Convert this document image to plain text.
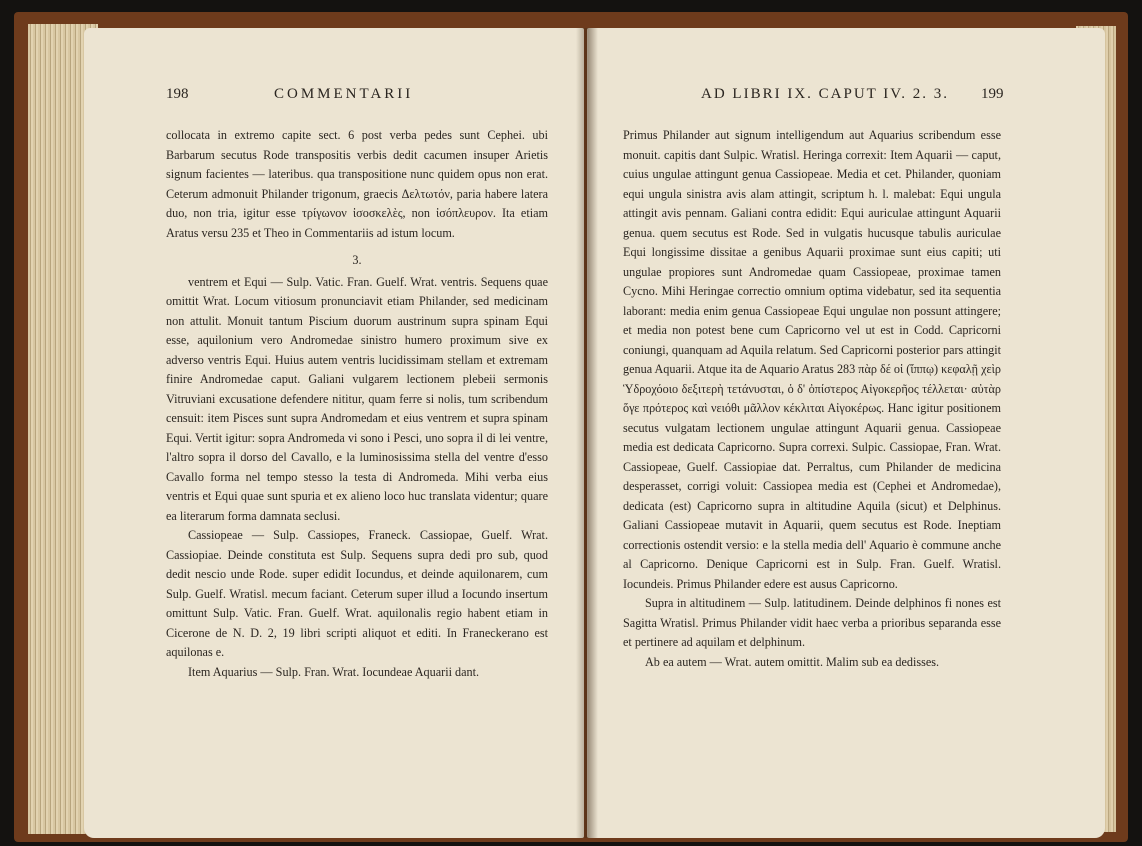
198	COMMENTARII

collocata in extremo capite sect. 6 post verba pedes sunt Cephei. ubi Barbarum secutus Rode transpositis verbis dedit cacumen insuper Arietis signum facientes — lateribus. qua transpositione nunc quidem opus non erat. Ceterum admonuit Philander trigonum, graecis Δελτωτόν, paria habere latera duo, non tria, igitur esse τρίγωνον ἰσοσκελὲς, non ἰσόπλευρον. Ita etiam Aratus versu 235 et Theo in Commentariis ad istum locum.

3.

ventrem et Equi — Sulp. Vatic. Fran. Guelf. Wrat. ventris. Sequens quae omittit Wrat. Locum vitiosum pronunciavit etiam Philander, sed medicinam non attulit. Monuit tantum Piscium duorum austrinum supra spinam Equi esse, aquilonium vero Andromedae sinistro humero proximum sive ex adverso ventris Equi. Huius autem ventris lucidissimam stellam et extremam finire Andromedae caput. Galiani vulgarem lectionem plebeii sermonis Vitruviani excusatione defendere nititur, quam ferre si nolis, tum scribendum censuit: item Pisces sunt supra Andromedam et eius ventrem et supra spinam Equi. Vertit igitur: sopra Andromeda vi sono i Pesci, uno sopra il di lei ventre, l'altro sopra il dorso del Cavallo, e la luminosissima stella del ventre d'esso Cavallo forma nel tempo stesso la testa di Andromeda. Mihi verba eius ventris et Equi quae sunt spuria et ex alieno loco huc translata videntur; quare ea literarum forma damnata seclusi.

Cassiopeae — Sulp. Cassiopes, Franeck. Cassiopae, Guelf. Wrat. Cassiopiae. Deinde constituta est Sulp. Sequens supra dedi pro sub, quod dedit nescio unde Rode. super edidit Iocundus, et deinde aquilonarem, cum Sulp. Guelf. Wratisl. mecum faciant. Ceterum super illud a Iocundo insertum omittunt Sulp. Vatic. Fran. Guelf. Wrat. aquilonalis regio habent etiam in Cicerone de N. D. 2, 19 libri scripti aliquot et editi. In Franeckerano est aquilonas e.

Item Aquarius — Sulp. Fran. Wrat. Iocundeae Aquarii dant.

AD LIBRI IX. CAPUT IV. 2. 3. 199

Primus Philander aut signum intelligendum aut Aquarius scribendum esse monuit. capitis dant Sulpic. Wratisl. Heringa correxit: Item Aquarii — caput, cuius ungulae attingunt genua Cassiopeae. Media et cet. Philander, quoniam equi ungula sinistra avis alam attingit, scriptum h. l. malebat: Equi ungula attingit avis pennam. Galiani contra edidit: Equi auriculae attingunt Aquarii genua. quem secutus est Rode. Sed in vulgatis hucusque tabulis auriculae Equi longissime dissitae a genibus Aquarii proximae sunt eius capiti; uti ungulae propiores sunt Andromedae quam Cassiopeae, proximae tamen Cycno. Mihi Heringae correctio omnium optima videbatur, sed ita sequentia laborant: media enim genua Cassiopeae Equi ungulae non possunt attingere; et media non potest bene cum Capricorno vel ut est in Codd. Capricorni coniungi, quanquam ad Aquila relatum. Sed Capricorni posterior pars attingit genua Aquarii. Atque ita de Aquario Aratus 283 πὰρ δέ οἱ (ἵππῳ) κεφαλῇ χεὶρ Ὑδροχόοιο δεξιτερὴ τετάνυσται, ὁ δ' ὀπίστερος Αἰγοκερῆος τέλλεται· αὐτὰρ ὅγε πρότερος καὶ νειόθι μᾶλλον κέκλιται Αἰγοκέρως. Hanc igitur positionem secutus vulgatam lectionem ungulae attingunt Aquarii genua. Cassiopeae media est dedicata Capricorno. Supra correxi. Sulpic. Cassiopae, Fran. Wrat. Cassiopeae, Guelf. Cassiopiae dat. Perraltus, cum Philander de medicina desperasset, corrigi voluit: Cassiopea media est (Cephei et Andromedae), dedicata (est) Capricorno supra in altitudine Aquila (sicut) et Delphinus. Galiani Cassiopeae mutavit in Aquarii, quem secutus est Rode. Ineptiam correctionis ostendit versio: e la stella media dell' Aquario è commune anche al Capricorno. Denique Capricorni est in Sulp. Fran. Guelf. Wratisl. Iocundeis. Primus Philander edere est ausus Capricorno.

Supra in altitudinem — Sulp. latitudinem. Deinde delphinos fi nones est Sagitta Wratisl. Primus Philander vidit haec verba a prioribus separanda esse et pertinere ad aquilam et delphinum.

Ab ea autem — Wrat. autem omittit. Malim sub ea dedisses.
